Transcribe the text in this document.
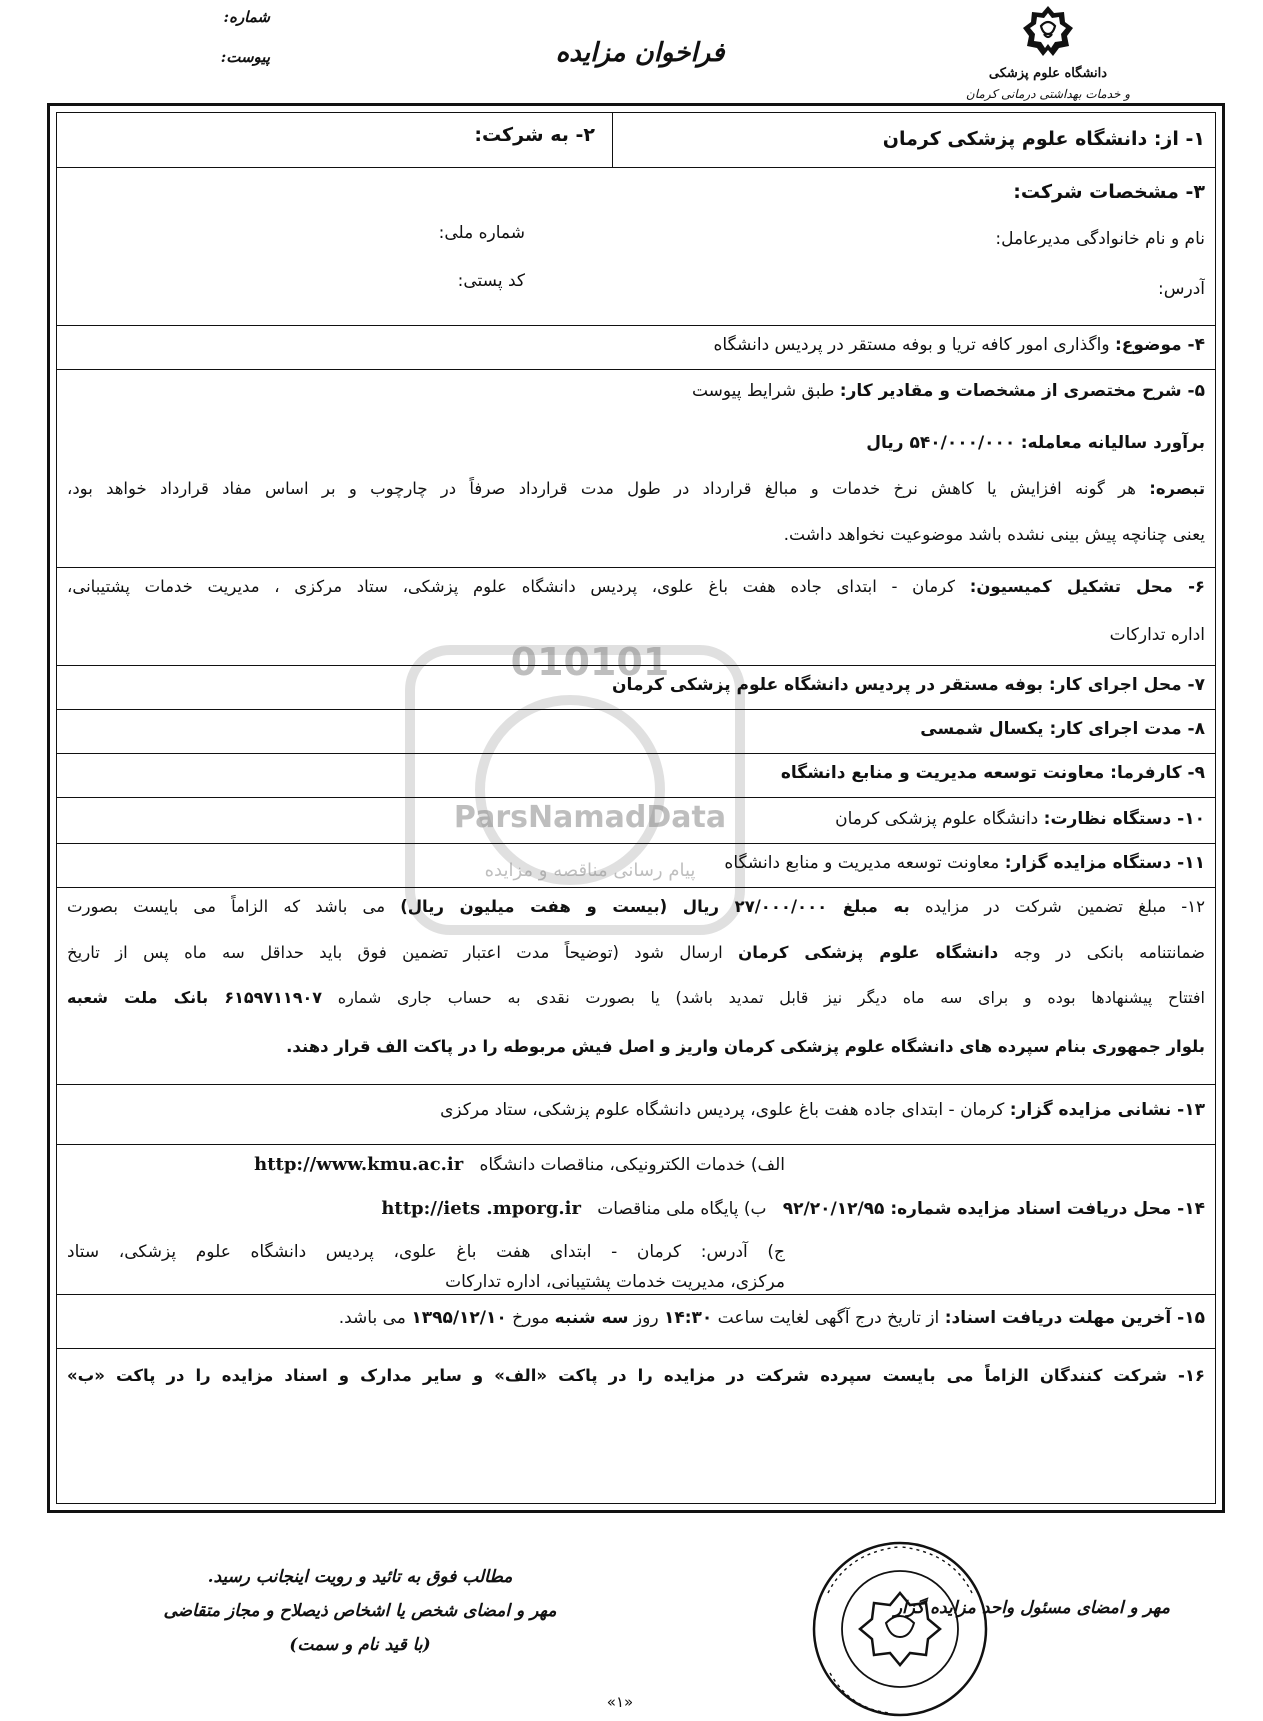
دانشگاه علوم پزشکی
و خدمات بهداشتی درمانی کرمان
فراخوان مزایده
شماره:
پیوست:
010101
ParsNamadData
پیام رسانی مناقصه و مزایده
۱- از: دانشگاه علوم پزشکی کرمان
۲- به شرکت:
۳- مشخصات شرکت:
نام و نام خانوادگی مدیرعامل:
شماره ملی:
آدرس:
کد پستی:
۴- موضوع: واگذاری امور کافه تریا و بوفه مستقر در پردیس دانشگاه
۵- شرح مختصری از مشخصات و مقادیر کار: طبق شرایط پیوست
برآورد سالیانه معامله: ۵۴۰/۰۰۰/۰۰۰ ریال
تبصره: هر گونه افزایش یا کاهش نرخ خدمات و مبالغ قرارداد در طول مدت قرارداد صرفاً در چارچوب و بر اساس مفاد قرارداد خواهد بود،
یعنی چنانچه پیش بینی نشده باشد موضوعیت نخواهد داشت.
۶- محل تشکیل کمیسیون: کرمان - ابتدای جاده هفت باغ علوی، پردیس دانشگاه علوم پزشکی، ستاد مرکزی ، مدیریت خدمات پشتیبانی،
اداره تدارکات
۷- محل اجرای کار: بوفه مستقر در پردیس دانشگاه علوم پزشکی کرمان
۸- مدت اجرای کار: یکسال شمسی
۹- کارفرما: معاونت توسعه مدیریت و منابع دانشگاه
۱۰- دستگاه نظارت: دانشگاه علوم پزشکی کرمان
۱۱- دستگاه مزایده گزار: معاونت توسعه مدیریت و منابع دانشگاه
۱۲- مبلغ تضمین شرکت در مزایده به مبلغ ۲۷/۰۰۰/۰۰۰ ریال (بیست و هفت میلیون ریال) می باشد که الزاماً می بایست بصورت
ضمانتنامه بانکی در وجه دانشگاه علوم پزشکی کرمان ارسال شود (توضیحاً مدت اعتبار تضمین فوق باید حداقل سه ماه پس از تاریخ
افتتاح پیشنهادها بوده و برای سه ماه دیگر نیز قابل تمدید باشد) یا بصورت نقدی به حساب جاری شماره ۶۱۵۹۷۱۱۹۰۷ بانک ملت شعبه
بلوار جمهوری بنام سپرده های دانشگاه علوم پزشکی کرمان واریز و اصل فیش مربوطه را در پاکت الف قرار دهند.
۱۳- نشانی مزایده گزار: کرمان - ابتدای جاده هفت باغ علوی، پردیس دانشگاه علوم پزشکی، ستاد مرکزی
الف) خدمات الکترونیکی، مناقصات دانشگاه   http://www.kmu.ac.ir
۱۴- محل دریافت اسناد مزایده شماره: ۹۲/۲۰/۱۲/۹۵   ب) پایگاه ملی مناقصات   http://iets .mporg.ir
ج) آدرس: کرمان - ابتدای هفت باغ علوی، پردیس دانشگاه علوم پزشکی، ستاد
مرکزی، مدیریت خدمات پشتیبانی، اداره تدارکات
۱۵- آخرین مهلت دریافت اسناد: از تاریخ درج آگهی لغایت ساعت ۱۴:۳۰ روز سه شنبه مورخ ۱۳۹۵/۱۲/۱۰ می باشد.
۱۶- شرکت کنندگان الزاماً می بایست سپرده شرکت در مزایده را در پاکت «الف» و سایر مدارک و اسناد مزایده را در پاکت «ب»
مطالب فوق به تائید و رویت اینجانب رسید.
مهر و امضای شخص یا اشخاص ذیصلاح و مجاز متقاضی
(با قید نام و سمت)
مهر و امضای مسئول واحد مزایده گزار
«۱»
